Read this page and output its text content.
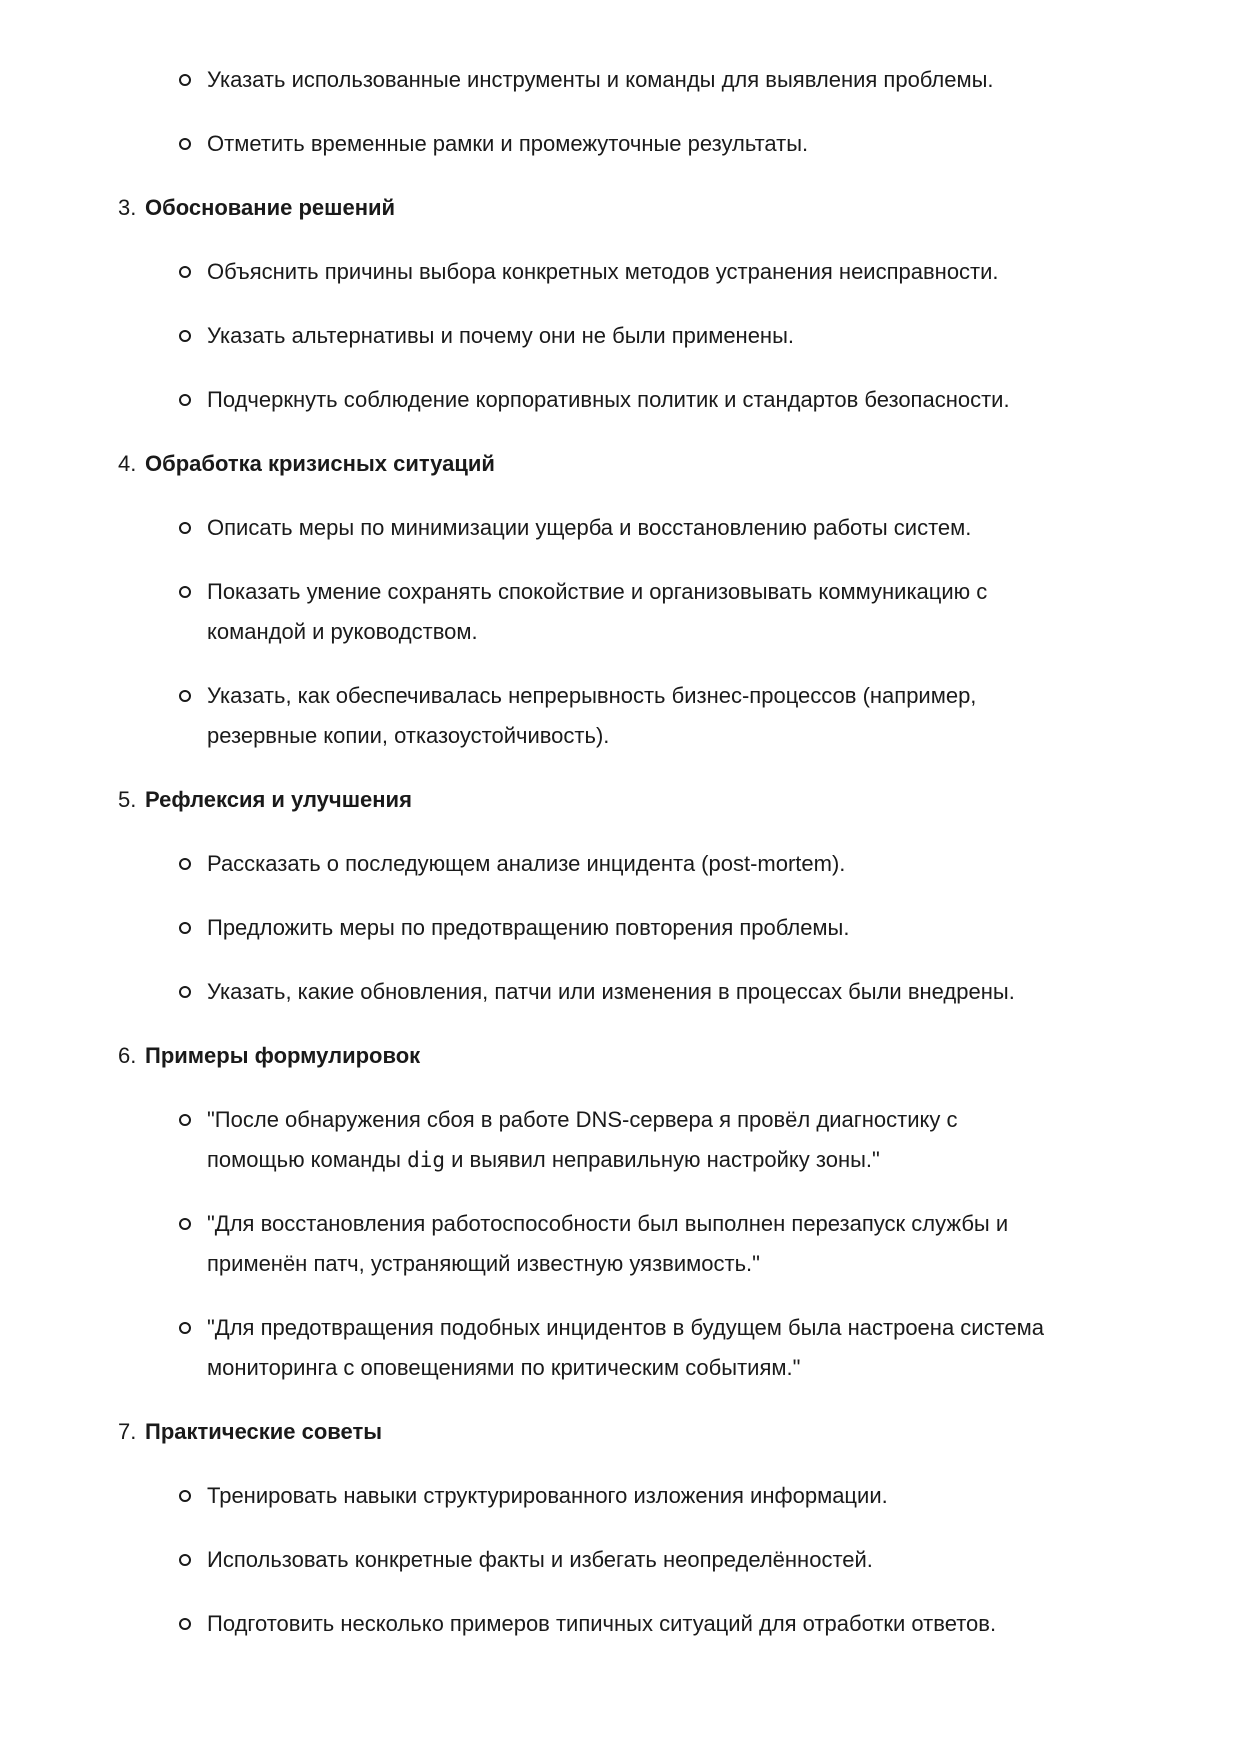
Указать использованные инструменты и команды для выявления проблемы.
Отметить временные рамки и промежуточные результаты.
3. Обоснование решений
Объяснить причины выбора конкретных методов устранения неисправности.
Указать альтернативы и почему они не были применены.
Подчеркнуть соблюдение корпоративных политик и стандартов безопасности.
4. Обработка кризисных ситуаций
Описать меры по минимизации ущерба и восстановлению работы систем.
Показать умение сохранять спокойствие и организовывать коммуникацию с
командой и руководством.
Указать, как обеспечивалась непрерывность бизнес-процессов (например,
резервные копии, отказоустойчивость).
5. Рефлексия и улучшения
Рассказать о последующем анализе инцидента (post-mortem).
Предложить меры по предотвращению повторения проблемы.
Указать, какие обновления, патчи или изменения в процессах были внедрены.
6. Примеры формулировок
"После обнаружения сбоя в работе DNS-сервера я провёл диагностику с
помощью команды dig и выявил неправильную настройку зоны."
"Для восстановления работоспособности был выполнен перезапуск службы и
применён патч, устраняющий известную уязвимость."
"Для предотвращения подобных инцидентов в будущем была настроена система
мониторинга с оповещениями по критическим событиям."
7. Практические советы
Тренировать навыки структурированного изложения информации.
Использовать конкретные факты и избегать неопределённостей.
Подготовить несколько примеров типичных ситуаций для отработки ответов.
